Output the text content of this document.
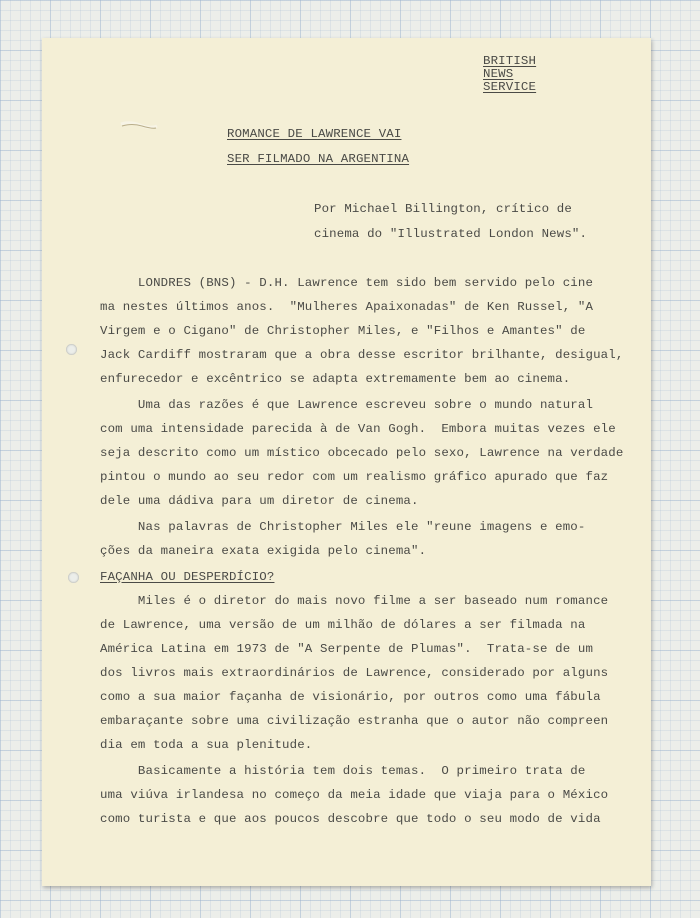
BRITISH
NEWS
SERVICE
ROMANCE DE LAWRENCE VAI
SER FILMADO NA ARGENTINA
Por Michael Billington, crítico de
cinema do "Illustrated London News".
LONDRES (BNS) - D.H. Lawrence tem sido bem servido pelo cine
ma nestes últimos anos.  "Mulheres Apaixonadas" de Ken Russel, "A
Virgem e o Cigano" de Christopher Miles, e "Filhos e Amantes" de
Jack Cardiff mostraram que a obra desse escritor brilhante, desigual,
enfurecedor e excêntrico se adapta extremamente bem ao cinema.
Uma das razões é que Lawrence escreveu sobre o mundo natural
com uma intensidade parecida à de Van Gogh.  Embora muitas vezes ele
seja descrito como um místico obcecado pelo sexo, Lawrence na verdade
pintou o mundo ao seu redor com um realismo gráfico apurado que faz
dele uma dádiva para um diretor de cinema.
Nas palavras de Christopher Miles ele "reune imagens e emo-
ções da maneira exata exigida pelo cinema".
FAÇANHA OU DESPERDÍCIO?
Miles é o diretor do mais novo filme a ser baseado num romance
de Lawrence, uma versão de um milhão de dólares a ser filmada na
América Latina em 1973 de "A Serpente de Plumas".  Trata-se de um
dos livros mais extraordinários de Lawrence, considerado por alguns
como a sua maior façanha de visionário, por outros como uma fábula
embaraçante sobre uma civilização estranha que o autor não compreen
dia em toda a sua plenitude.
Basicamente a história tem dois temas.  O primeiro trata de
uma viúva irlandesa no começo da meia idade que viaja para o México
como turista e que aos poucos descobre que todo o seu modo de vida
